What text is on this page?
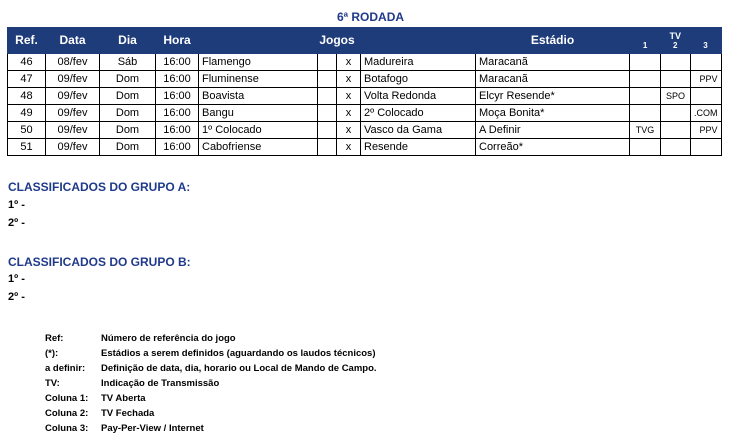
6ª RODADA
Ref.	Data	Dia	Hora	Jogos				Estádio	TV
1 2 3		

46	08/fev	Sáb	16:00	Flamengo		x	Madureira	Maracanã			
47	09/fev	Dom	16:00	Fluminense		x	Botafogo	Maracanã			PPV
48	09/fev	Dom	16:00	Boavista		x	Volta Redonda	Elcyr Resende*		SPO	
49	09/fev	Dom	16:00	Bangu		x	2º Colocado	Moça Bonita*			.COM
50	09/fev	Dom	16:00	1º Colocado		x	Vasco da Gama	A Definir	TVG		PPV
51	09/fev	Dom	16:00	Cabofriense		x	Resende	Correão*			
CLASSIFICADOS DO GRUPO A:
1º -
2º -
CLASSIFICADOS DO GRUPO B:
1º -
2º -
Ref:	Número de referência do jogo
(*):	Estádios a serem definidos (aguardando os laudos técnicos)
a definir:	Definição de data, dia, horario ou Local de Mando de Campo.
TV:	Indicação de Transmissão
Coluna 1:	TV Aberta
Coluna 2:	TV Fechada
Coluna 3:	Pay-Per-View / Internet
